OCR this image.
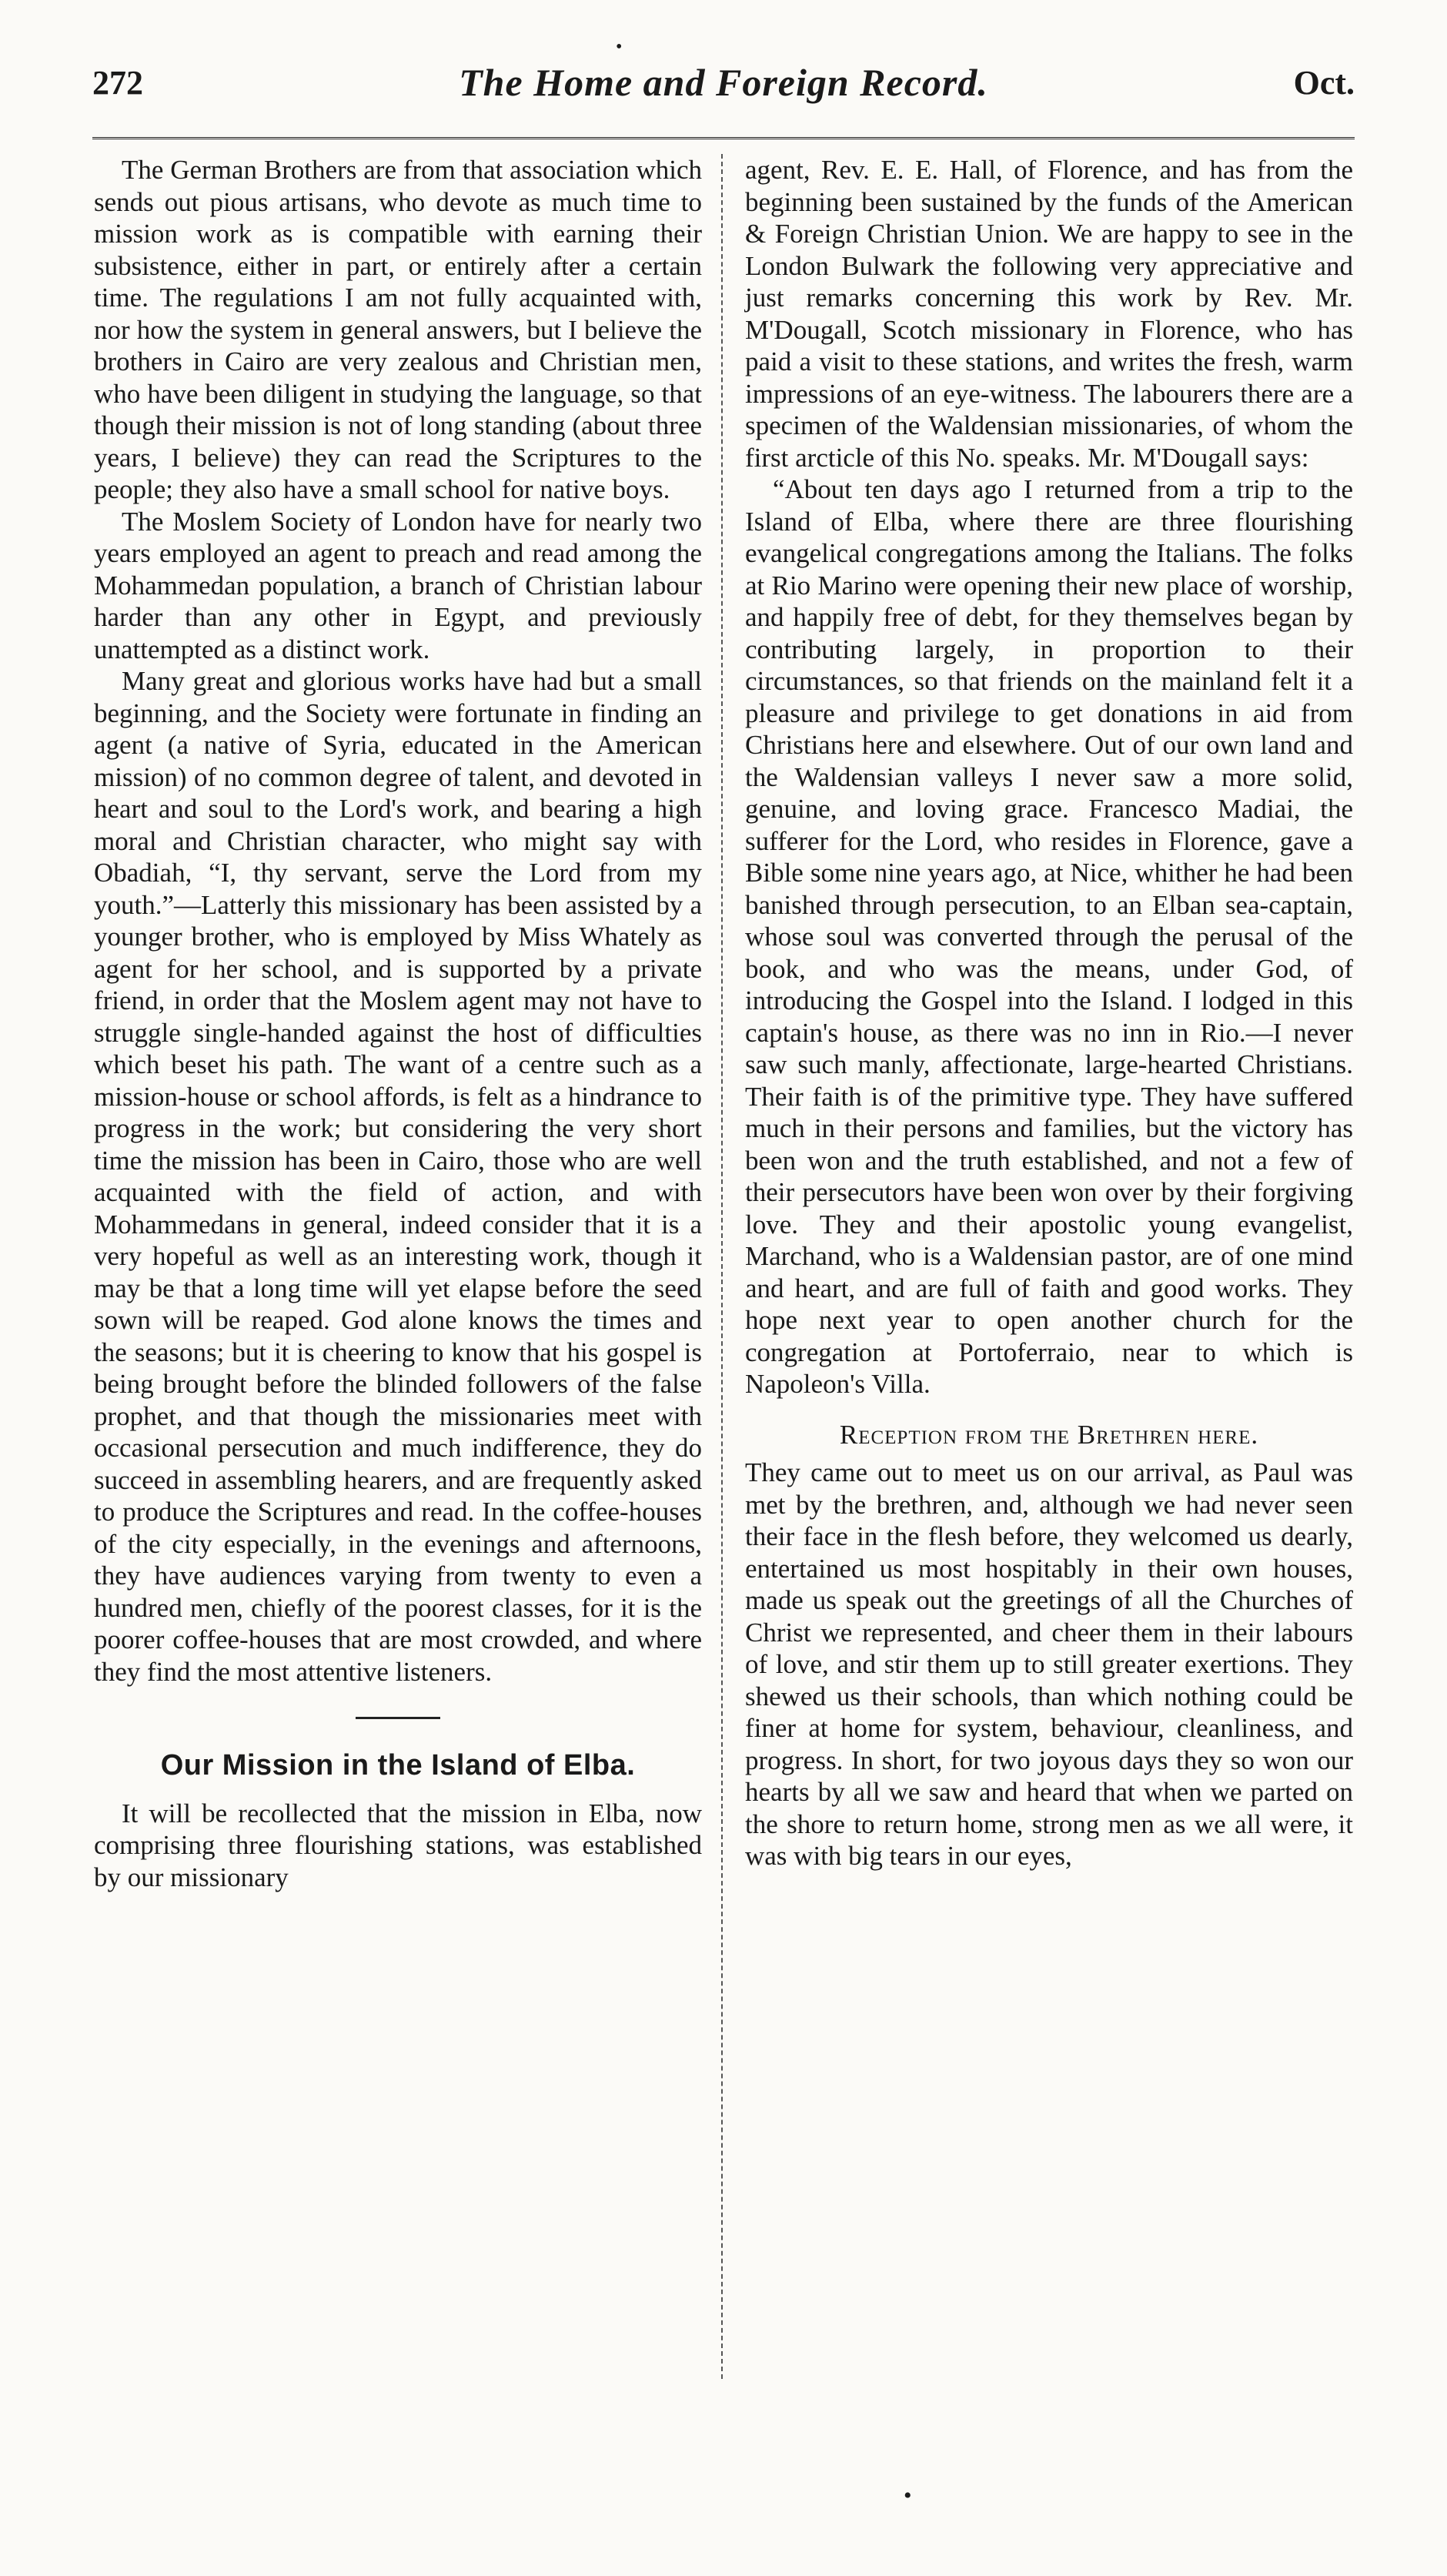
•
272	The Home and Foreign Record.	Oct.

The German Brothers are from that association which sends out pious artisans, who devote as much time to mission work as is compatible with earning their subsistence, either in part, or entirely after a certain time. The regulations I am not fully acquainted with, nor how the system in general answers, but I believe the brothers in Cairo are very zealous and Christian men, who have been diligent in studying the language, so that though their mission is not of long standing (about three years, I believe) they can read the Scriptures to the people; they also have a small school for native boys.

The Moslem Society of London have for nearly two years employed an agent to preach and read among the Mohammedan population, a branch of Christian labour harder than any other in Egypt, and previously unattempted as a distinct work.

Many great and glorious works have had but a small beginning, and the Society were fortunate in finding an agent (a native of Syria, educated in the American mission) of no common degree of talent, and devoted in heart and soul to the Lord's work, and bearing a high moral and Christian character, who might say with Obadiah, “I, thy servant, serve the Lord from my youth.”—Latterly this missionary has been assisted by a younger brother, who is employed by Miss Whately as agent for her school, and is supported by a private friend, in order that the Moslem agent may not have to struggle single-handed against the host of difficulties which beset his path. The want of a centre such as a mission-house or school affords, is felt as a hindrance to progress in the work; but considering the very short time the mission has been in Cairo, those who are well acquainted with the field of action, and with Mohammedans in general, indeed consider that it is a very hopeful as well as an interesting work, though it may be that a long time will yet elapse before the seed sown will be reaped. God alone knows the times and the seasons; but it is cheering to know that his gospel is being brought before the blinded followers of the false prophet, and that though the missionaries meet with occasional persecution and much indifference, they do succeed in assembling hearers, and are frequently asked to produce the Scriptures and read. In the coffee-houses of the city especially, in the evenings and afternoons, they have audiences varying from twenty to even a hundred men, chiefly of the poorest classes, for it is the poorer coffee-houses that are most crowded, and where they find the most attentive listeners.

Our Mission in the Island of Elba.

It will be recollected that the mission in Elba, now comprising three flourishing stations, was established by our missionary

agent, Rev. E. E. Hall, of Florence, and has from the beginning been sustained by the funds of the American & Foreign Christian Union. We are happy to see in the London Bulwark the following very appreciative and just remarks concerning this work by Rev. Mr. M'Dougall, Scotch missionary in Florence, who has paid a visit to these stations, and writes the fresh, warm impressions of an eye-witness. The labourers there are a specimen of the Waldensian missionaries, of whom the first arcticle of this No. speaks. Mr. M'Dougall says:

“About ten days ago I returned from a trip to the Island of Elba, where there are three flourishing evangelical congregations among the Italians. The folks at Rio Marino were opening their new place of worship, and happily free of debt, for they themselves began by contributing largely, in proportion to their circumstances, so that friends on the mainland felt it a pleasure and privilege to get donations in aid from Christians here and elsewhere. Out of our own land and the Waldensian valleys I never saw a more solid, genuine, and loving grace. Francesco Madiai, the sufferer for the Lord, who resides in Florence, gave a Bible some nine years ago, at Nice, whither he had been banished through persecution, to an Elban sea-captain, whose soul was converted through the perusal of the book, and who was the means, under God, of introducing the Gospel into the Island. I lodged in this captain's house, as there was no inn in Rio.—I never saw such manly, affectionate, large-hearted Christians. Their faith is of the primitive type. They have suffered much in their persons and families, but the victory has been won and the truth established, and not a few of their persecutors have been won over by their forgiving love. They and their apostolic young evangelist, Marchand, who is a Waldensian pastor, are of one mind and heart, and are full of faith and good works. They hope next year to open another church for the congregation at Portoferraio, near to which is Napoleon's Villa.

Reception from the Brethren here.

They came out to meet us on our arrival, as Paul was met by the brethren, and, although we had never seen their face in the flesh before, they welcomed us dearly, entertained us most hospitably in their own houses, made us speak out the greetings of all the Churches of Christ we represented, and cheer them in their labours of love, and stir them up to still greater exertions. They shewed us their schools, than which nothing could be finer at home for system, behaviour, cleanliness, and progress. In short, for two joyous days they so won our hearts by all we saw and heard that when we parted on the shore to return home, strong men as we all were, it was with big tears in our eyes,

•
